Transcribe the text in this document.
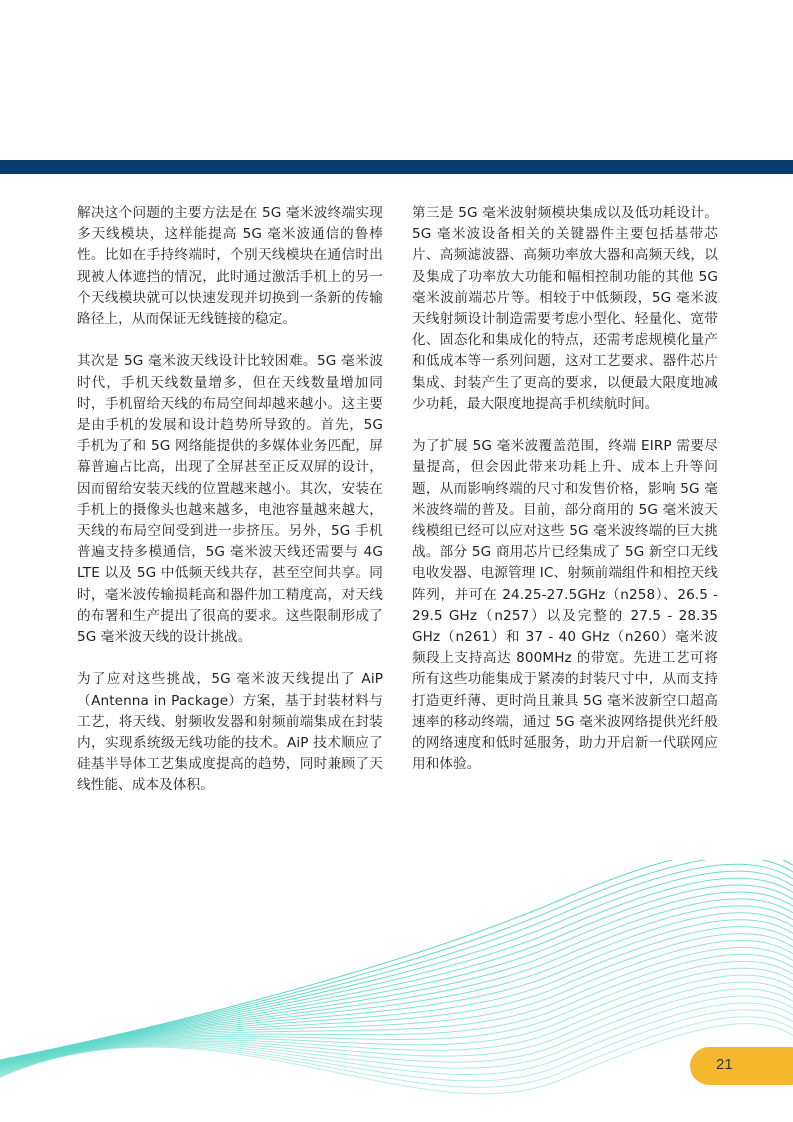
解决这个问题的主要方法是在 5G 毫米波终端实现多天线模块，这样能提高 5G 毫米波通信的鲁棒性。比如在手持终端时，个别天线模块在通信时出现被人体遮挡的情况，此时通过激活手机上的另一个天线模块就可以快速发现并切换到一条新的传输路径上，从而保证无线链接的稳定。

其次是 5G 毫米波天线设计比较困难。5G 毫米波时代，手机天线数量增多，但在天线数量增加同时，手机留给天线的布局空间却越来越小。这主要是由手机的发展和设计趋势所导致的。首先，5G 手机为了和 5G 网络能提供的多媒体业务匹配，屏幕普遍占比高，出现了全屏甚至正反双屏的设计，因而留给安装天线的位置越来越小。其次，安装在手机上的摄像头也越来越多，电池容量越来越大，天线的布局空间受到进一步挤压。另外，5G 手机普遍支持多模通信，5G 毫米波天线还需要与 4G LTE 以及 5G 中低频天线共存，甚至空间共享。同时，毫米波传输损耗高和器件加工精度高，对天线的布署和生产提出了很高的要求。这些限制形成了 5G 毫米波天线的设计挑战。

为了应对这些挑战，5G 毫米波天线提出了 AiP（Antenna in Package）方案，基于封装材料与工艺，将天线、射频收发器和射频前端集成在封装内，实现系统级无线功能的技术。AiP 技术顺应了硅基半导体工艺集成度提高的趋势，同时兼顾了天线性能、成本及体积。

第三是 5G 毫米波射频模块集成以及低功耗设计。5G 毫米波设备相关的关键器件主要包括基带芯片、高频滤波器、高频功率放大器和高频天线，以及集成了功率放大功能和幅相控制功能的其他 5G 毫米波前端芯片等。相较于中低频段，5G 毫米波天线射频设计制造需要考虑小型化、轻量化、宽带化、固态化和集成化的特点，还需考虑规模化量产和低成本等一系列问题，这对工艺要求、器件芯片集成、封装产生了更高的要求，以便最大限度地减少功耗，最大限度地提高手机续航时间。

为了扩展 5G 毫米波覆盖范围，终端 EIRP 需要尽量提高，但会因此带来功耗上升、成本上升等问题，从而影响终端的尺寸和发售价格，影响 5G 毫米波终端的普及。目前，部分商用的 5G 毫米波天线模组已经可以应对这些 5G 毫米波终端的巨大挑战。部分 5G 商用芯片已经集成了 5G 新空口无线电收发器、电源管理 IC、射频前端组件和相控天线阵列，并可在 24.25-27.5GHz（n258）、26.5 - 29.5 GHz（n257）以及完整的 27.5 - 28.35 GHz（n261）和 37 - 40 GHz（n260）毫米波频段上支持高达 800MHz 的带宽。先进工艺可将所有这些功能集成于紧凑的封装尺寸中，从而支持打造更纤薄、更时尚且兼具 5G 毫米波新空口超高速率的移动终端，通过 5G 毫米波网络提供光纤般的网络速度和低时延服务，助力开启新一代联网应用和体验。

21
